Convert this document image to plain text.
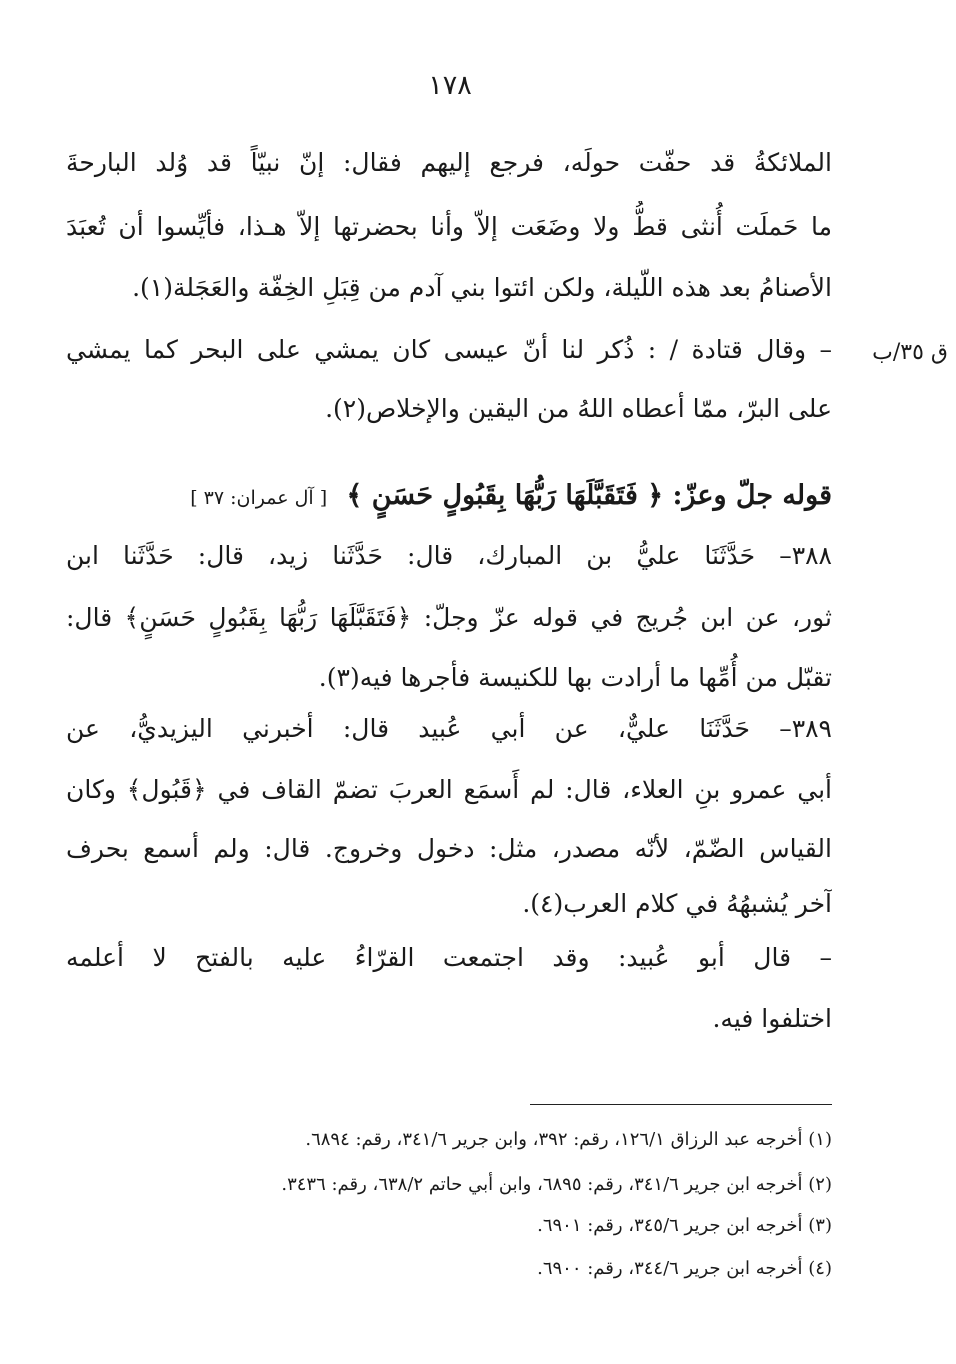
١٧٨
الملائكةُ قد حفّت حولَه، فرجع إليهم فقال: إنّ نبيّاً قد وُلد البارحةَ
ما حَملَت أُنثى قطُّ ولا وضَعَت إلاّ وأنا بحضرتها إلاّ هـذا، فأيِّسوا أن تُعبَدَ
الأصنامُ بعد هذه اللّيلة، ولكن ائتوا بني آدم من قِبَلِ الخِفّة والعَجَلة(١).
ق ٣٥/ب
– وقال قتادة / : ذُكر لنا أنّ عيسى كان يمشي على البحر كما يمشي
على البرّ، ممّا أعطاه اللهُ من اليقين والإخلاص(٢).
قوله جلّ وعزّ: ﴿ فَتَقَبَّلَهَا رَبُّهَا بِقَبُولٍ حَسَنٍ ﴾ [ آل عمران: ٣٧ ]
٣٨٨– حَدَّثَنَا عليُّ بن المبارك، قال: حَدَّثَنا زيد، قال: حَدَّثَنا ابن
ثور، عن ابن جُريج في قوله عزّ وجلّ: ﴿فَتَقَبَّلَهَا رَبُّهَا بِقَبُولٍ حَسَنٍ﴾ قال:
تقبّل من أُمِّها ما أرادت بها للكنيسة فأجرها فيه(٣).
٣٨٩– حَدَّثَنَا عليٌّ، عن أبي عُبيد قال: أخبرني اليزيديُّ، عن
أبي عمرو بنِ العلاء، قال: لم أَسمَع العربَ تضمّ القاف في ﴿قَبُول﴾ وكان
القياس الضّمّ، لأنّه مصدر، مثل: دخول وخروج. قال: ولم أسمع بحرف
آخر يُشبهُهُ في كلام العرب(٤).
– قال أبو عُبيد: وقد اجتمعت القرّاءُ عليه بالفتح لا أعلمه
اختلفوا فيه.
(١) أخرجه عبد الرزاق ١٢٦/١، رقم: ٣٩٢، وابن جرير ٣٤١/٦، رقم: ٦٨٩٤.
(٢) أخرجه ابن جرير ٣٤١/٦، رقم: ٦٨٩٥، وابن أبي حاتم ٦٣٨/٢، رقم: ٣٤٣٦.
(٣) أخرجه ابن جرير ٣٤٥/٦، رقم: ٦٩٠١.
(٤) أخرجه ابن جرير ٣٤٤/٦، رقم: ٦٩٠٠.
